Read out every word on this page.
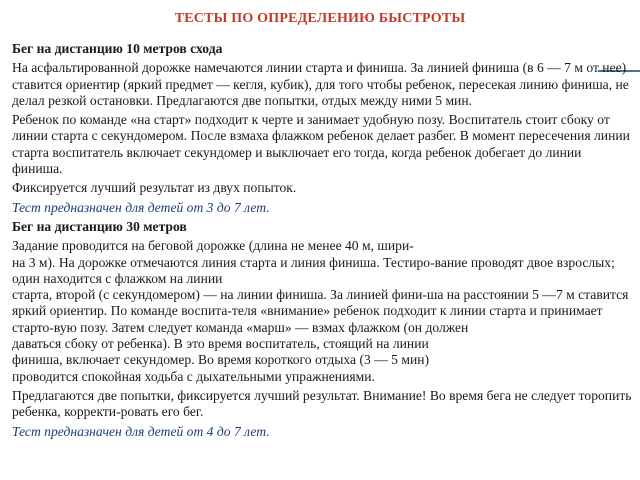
ТЕСТЫ ПО ОПРЕДЕЛЕНИЮ БЫСТРОТЫ

Бег на дистанцию 10 метров схода

На асфальтированной дорожке намечаются линии старта и финиша. За линией финиша (в 6 — 7 м от нее) ставится ориентир (яркий предмет — кегля, кубик), для того чтобы ребенок, пересекая линию финиша, не делал резкой остановки. Предлагаются две попытки, отдых между ними 5 мин.

Ребенок по команде «на старт» подходит к черте и занимает удобную позу. Воспитатель стоит сбоку от линии старта с секундомером. После взмаха флажком ребенок делает разбег. В момент пересечения линии старта воспитатель включает секундомер и выключает его тогда, когда ребенок добегает до линии финиша.

Фиксируется лучший результат из двух попыток.

Тест предназначен для детей от 3 до 7 лет.

Бег на дистанцию 30 метров

Задание проводится на беговой дорожке (длина не менее 40 м, шири-
на 3 м). На дорожке отмечаются линия старта и линия финиша. Тестиро-вание проводят двое взрослых; один находится с флажком на линии
старта, второй (с секундомером) — на линии финиша. За линией фини-ша на расстоянии 5 —7 м ставится яркий ориентир. По команде воспита-теля «внимание» ребенок подходит к линии старта и принимает старто-вую позу. Затем следует команда «марш» — взмах флажком (он должен
даваться сбоку от ребенка). В это время воспитатель, стоящий на линии
финиша, включает секундомер. Во время короткого отдыха (3 — 5 мин)
проводится спокойная ходьба с дыхательными упражнениями.

Предлагаются две попытки, фиксируется лучший результат. Внимание! Во время бега не следует торопить ребенка, корректи-ровать его бег.

Тест предназначен для детей от 4 до 7 лет.
